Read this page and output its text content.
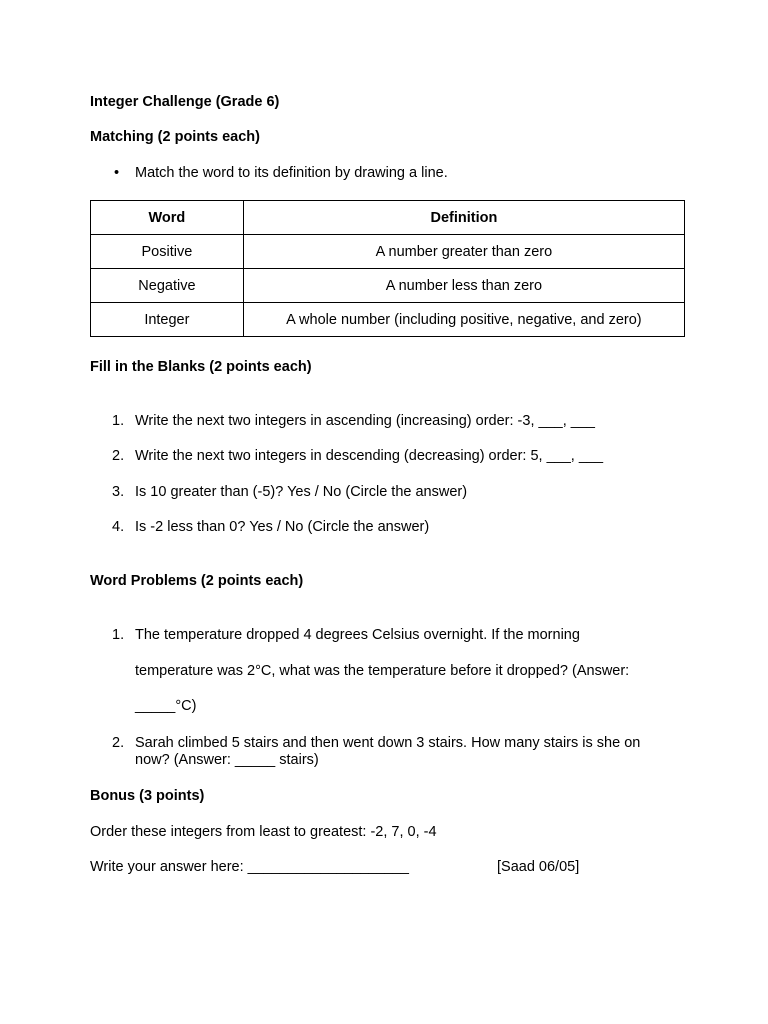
Integer Challenge (Grade 6)
Matching (2 points each)
• Match the word to its definition by drawing a line.
Word	Definition
Positive	A number greater than zero
Negative	A number less than zero
Integer	A whole number (including positive, negative, and zero)
Fill in the Blanks (2 points each)
1. Write the next two integers in ascending (increasing) order: -3, ___, ___
2. Write the next two integers in descending (decreasing) order: 5, ___, ___
3. Is 10 greater than (-5)? Yes / No (Circle the answer)
4. Is -2 less than 0? Yes / No (Circle the answer)
Word Problems (2 points each)
1. The temperature dropped 4 degrees Celsius overnight. If the morning
temperature was 2°C, what was the temperature before it dropped? (Answer:
_____°C)
2. Sarah climbed 5 stairs and then went down 3 stairs. How many stairs is she on
now? (Answer: _____ stairs)
Bonus (3 points)
Order these integers from least to greatest: -2, 7, 0, -4
Write your answer here: ____________________	[Saad 06/05]
